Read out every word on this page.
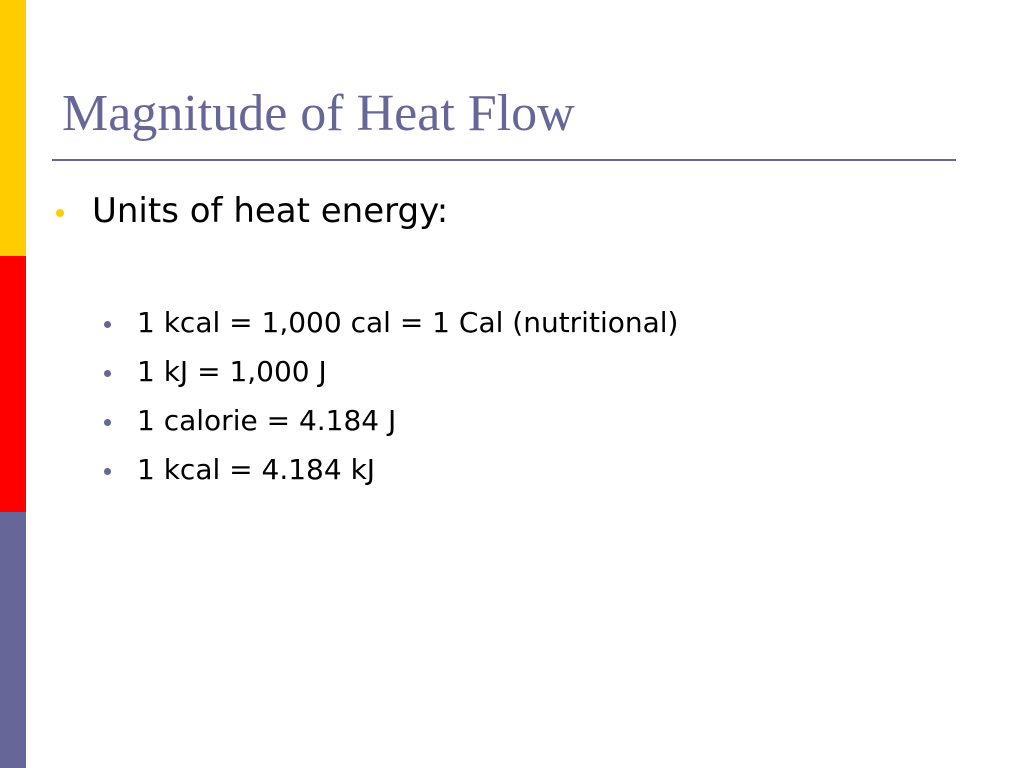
Magnitude of Heat Flow
Units of heat energy:
1 kcal = 1,000 cal = 1 Cal (nutritional)
1 kJ = 1,000 J
1 calorie = 4.184 J
1 kcal = 4.184 kJ
